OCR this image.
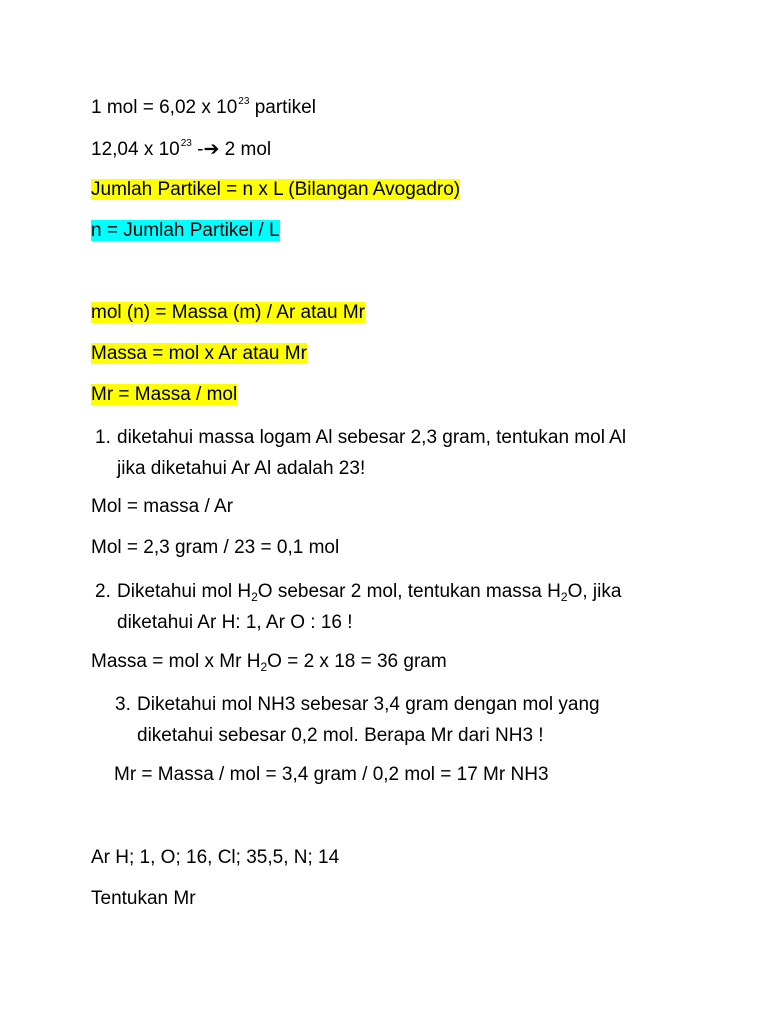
1 mol = 6,02 x $10^{23}$ partikel
12,04 x $10^{23}$ -➔ 2 mol
Jumlah Partikel = n x L (Bilangan Avogadro)
n = Jumlah Partikel / L
mol (n) = Massa (m) / Ar atau Mr
Massa = mol x Ar atau Mr
Mr = Massa / mol
1. diketahui massa logam Al sebesar 2,3 gram, tentukan mol Al
jika diketahui Ar Al adalah 23!
Mol = massa / Ar
Mol = 2,3 gram / 23 = 0,1 mol
2. Diketahui mol $H_2O$ sebesar 2 mol, tentukan massa $H_2O$, jika
diketahui Ar H: 1, Ar O : 16 !
Massa = mol x Mr $H_2O = 2$ x 18 = 36 gram
3. Diketahui mol NH3 sebesar 3,4 gram dengan mol yang
diketahui sebesar 0,2 mol. Berapa Mr dari NH3 !
Mr = Massa / mol = 3,4 gram / 0,2 mol = 17 Mr NH3
Ar H; 1, O; 16, Cl; 35,5, N; 14
Tentukan Mr
